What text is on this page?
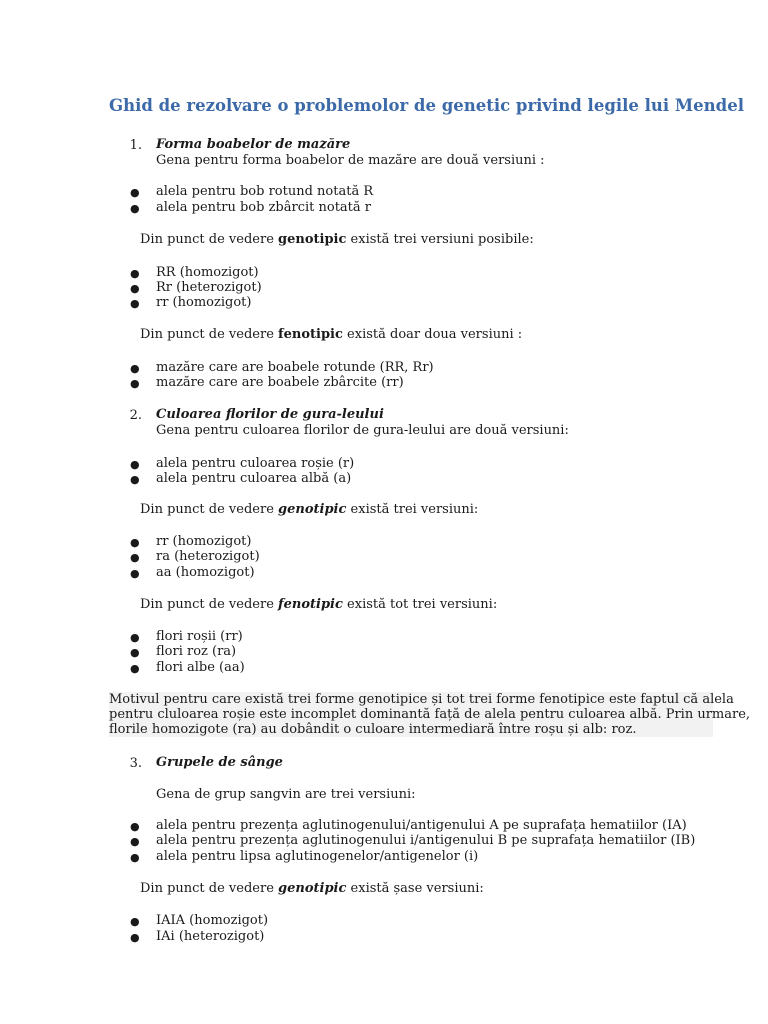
Ghid de rezolvare o problemolor de genetic privind legile lui Mendel
1. Forma boabelor de mazăre
Gena pentru forma boabelor de mazăre are două versiuni :
● alela pentru bob rotund notată R
● alela pentru bob zbârcit notată r
Din punct de vedere genotipic există trei versiuni posibile:
● RR (homozigot)
● Rr (heterozigot)
● rr (homozigot)
Din punct de vedere fenotipic există doar doua versiuni :
● mazăre care are boabele rotunde (RR, Rr)
● mazăre care are boabele zbârcite (rr)
2. Culoarea florilor de gura-leului
Gena pentru culoarea florilor de gura-leului are două versiuni:
● alela pentru culoarea roșie (r)
● alela pentru culoarea albă (a)
Din punct de vedere genotipic există trei versiuni:
● rr (homozigot)
● ra (heterozigot)
● aa (homozigot)
Din punct de vedere fenotipic există tot trei versiuni:
● flori roșii (rr)
● flori roz (ra)
● flori albe (aa)
Motivul pentru care există trei forme genotipice și tot trei forme fenotipice este faptul că alela
pentru cluloarea roșie este incomplet dominantă față de alela pentru culoarea albă. Prin urmare,
florile homozigote (ra) au dobândit o culoare intermediară între roșu și alb: roz.
3. Grupele de sânge
Gena de grup sangvin are trei versiuni:
● alela pentru prezența aglutinogenului/antigenului A pe suprafața hematiilor (IA)
● alela pentru prezența aglutinogenului i/antigenului B pe suprafața hematiilor (IB)
● alela pentru lipsa aglutinogenelor/antigenelor (i)
Din punct de vedere genotipic există șase versiuni:
● IAIA (homozigot)
● IAi (heterozigot)
